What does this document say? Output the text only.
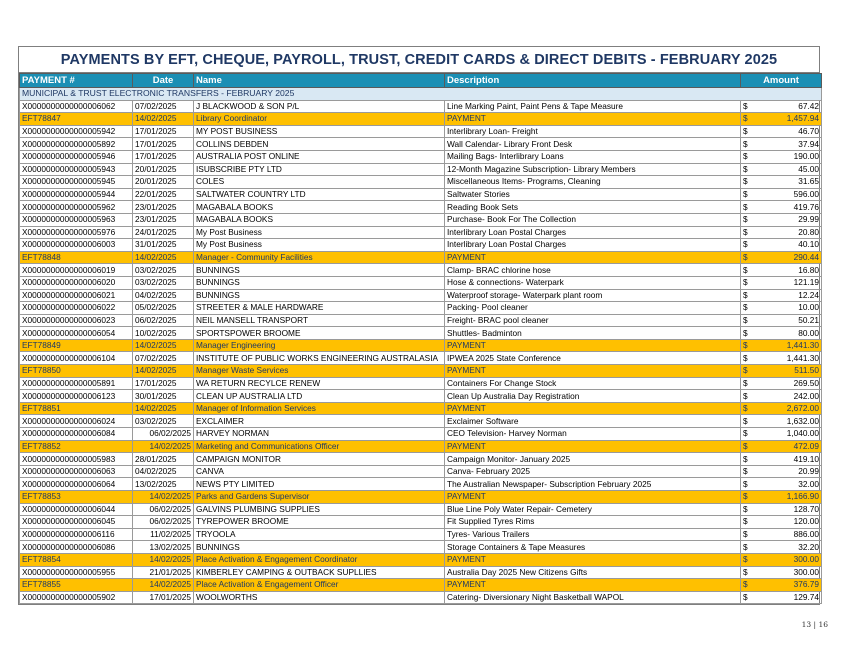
PAYMENTS BY EFT, CHEQUE, PAYROLL, TRUST, CREDIT CARDS & DIRECT DEBITS - FEBRUARY 2025
PAYMENT #	Date	Name	Description	Amount	
MUNICIPAL & TRUST ELECTRONIC TRANSFERS - FEBRUARY 2025					
X0000000000000006062	07/02/2025	J BLACKWOOD & SON P/L	Line Marking Paint, Paint Pens & Tape Measure	$	67.42
EFT78847	14/02/2025	Library Coordinator	PAYMENT	$	1,457.94
X0000000000000005942	17/01/2025	MY POST BUSINESS	Interlibrary Loan- Freight	$	46.70
X0000000000000005892	17/01/2025	COLLINS DEBDEN	Wall Calendar- Library Front Desk	$	37.94
X0000000000000005946	17/01/2025	AUSTRALIA POST ONLINE	Mailing Bags- Interlibrary Loans	$	190.00
X0000000000000005943	20/01/2025	ISUBSCRIBE PTY LTD	12-Month Magazine Subscription- Library Members	$	45.00
X0000000000000005945	20/01/2025	COLES	Miscellaneous Items- Programs, Cleaning	$	31.65
X0000000000000005944	22/01/2025	SALTWATER COUNTRY LTD	Saltwater Stories	$	596.00
X0000000000000005962	23/01/2025	MAGABALA BOOKS	Reading Book Sets	$	419.76
X0000000000000005963	23/01/2025	MAGABALA BOOKS	Purchase- Book For The Collection	$	29.99
X0000000000000005976	24/01/2025	My Post Business	Interlibrary Loan Postal Charges	$	20.80
X0000000000000006003	31/01/2025	My Post Business	Interlibrary Loan Postal Charges	$	40.10
EFT78848	14/02/2025	Manager - Community Facilities	PAYMENT	$	290.44
X0000000000000006019	03/02/2025	BUNNINGS	Clamp- BRAC chlorine hose	$	16.80
X0000000000000006020	03/02/2025	BUNNINGS	Hose & connections- Waterpark	$	121.19
X0000000000000006021	04/02/2025	BUNNINGS	Waterproof storage- Waterpark plant room	$	12.24
X0000000000000006022	05/02/2025	STREETER & MALE HARDWARE	Packing- Pool cleaner	$	10.00
X0000000000000006023	06/02/2025	NEIL MANSELL TRANSPORT	Freight- BRAC pool cleaner	$	50.21
X0000000000000006054	10/02/2025	SPORTSPOWER BROOME	Shuttles- Badminton	$	80.00
EFT78849	14/02/2025	Manager Engineering	PAYMENT	$	1,441.30
X0000000000000006104	07/02/2025	INSTITUTE OF PUBLIC WORKS ENGINEERING AUSTRALASIA	IPWEA 2025 State Conference	$	1,441.30
EFT78850	14/02/2025	Manager Waste Services	PAYMENT	$	511.50
X0000000000000005891	17/01/2025	WA RETURN RECYLCE RENEW	Containers For Change Stock	$	269.50
X0000000000000006123	30/01/2025	CLEAN UP AUSTRALIA LTD	Clean Up Australia Day Registration	$	242.00
EFT78851	14/02/2025	Manager of Information Services	PAYMENT	$	2,672.00
X0000000000000006024	03/02/2025	EXCLAIMER	Exclaimer Software	$	1,632.00
X0000000000000006084	06/02/2025	HARVEY NORMAN	CEO Television- Harvey Norman	$	1,040.00
EFT78852	14/02/2025	Marketing and Communications Officer	PAYMENT	$	472.09
X0000000000000005983	28/01/2025	CAMPAIGN MONITOR	Campaign Monitor- January 2025	$	419.10
X0000000000000006063	04/02/2025	CANVA	Canva- February 2025	$	20.99
X0000000000000006064	13/02/2025	NEWS PTY LIMITED	The Australian Newspaper- Subscription February 2025	$	32.00
EFT78853	14/02/2025	Parks and Gardens Supervisor	PAYMENT	$	1,166.90
X0000000000000006044	06/02/2025	GALVINS PLUMBING SUPPLIES	Blue Line Poly Water Repair- Cemetery	$	128.70
X0000000000000006045	06/02/2025	TYREPOWER BROOME	Fit Supplied Tyres Rims	$	120.00
X0000000000000006116	11/02/2025	TRYOOLA	Tyres- Various Trailers	$	886.00
X0000000000000006086	13/02/2025	BUNNINGS	Storage Containers & Tape Measures	$	32.20
EFT78854	14/02/2025	Place Activation & Engagement Coordinator	PAYMENT	$	300.00
X0000000000000005955	21/01/2025	KIMBERLEY CAMPING & OUTBACK SUPLLIES	Australia Day 2025 New Citizens Gifts	$	300.00
EFT78855	14/02/2025	Place Activation & Engagement Officer	PAYMENT	$	376.79
X0000000000000005902	17/01/2025	WOOLWORTHS	Catering- Diversionary Night Basketball WAPOL	$	129.74
13 | 16
